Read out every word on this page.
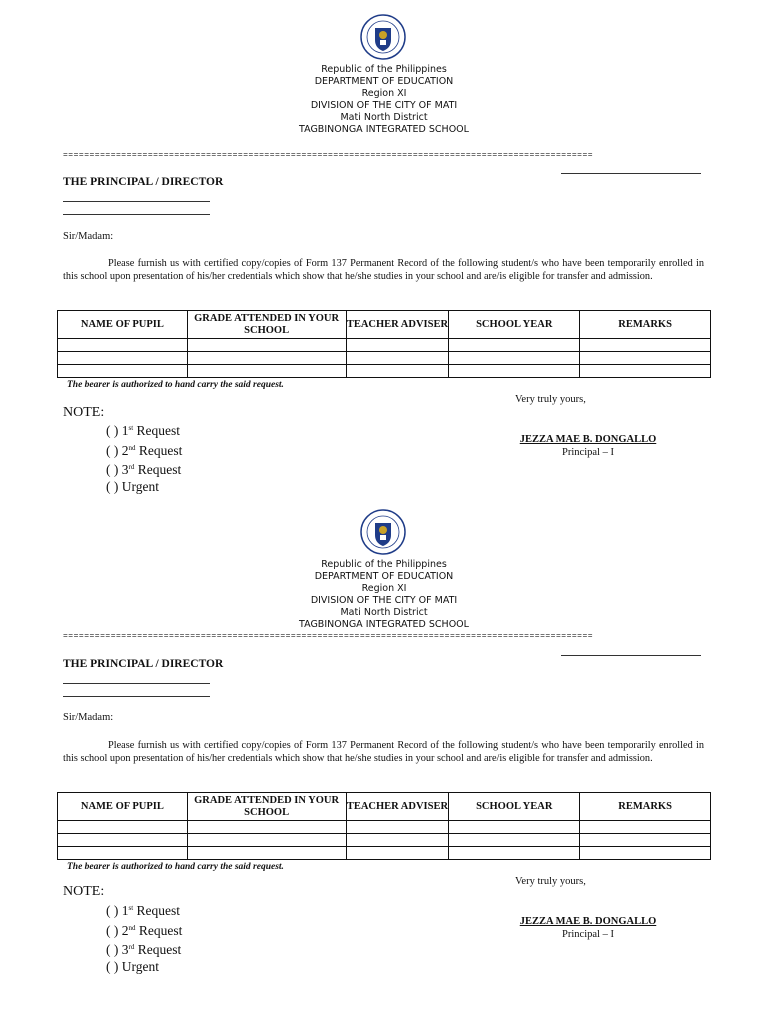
Republic of the Philippines
DEPARTMENT OF EDUCATION
Region XI
DIVISION OF THE CITY OF MATI
Mati North District
TAGBINONGA INTEGRATED SCHOOL
====================================================================================================
THE PRINCIPAL / DIRECTOR
Sir/Madam:
Please furnish us with certified copy/copies of Form 137 Permanent Record of the following student/s who have been temporarily enrolled in this school upon presentation of his/her credentials which show that he/she studies in your school and are/is eligible for transfer and admission.
NAME OF PUPIL	GRADE ATTENDED IN YOUR SCHOOL	TEACHER ADVISER	SCHOOL YEAR	REMARKS

The bearer is authorized to hand carry the said request.
Very truly yours,
NOTE:
( ) 1st Request
( ) 2nd Request
( ) 3rd Request
( ) Urgent
JEZZA MAE B. DONGALLO
Principal – I
Republic of the Philippines
DEPARTMENT OF EDUCATION
Region XI
DIVISION OF THE CITY OF MATI
Mati North District
TAGBINONGA INTEGRATED SCHOOL
====================================================================================================
THE PRINCIPAL / DIRECTOR
Sir/Madam:
Please furnish us with certified copy/copies of Form 137 Permanent Record of the following student/s who have been temporarily enrolled in this school upon presentation of his/her credentials which show that he/she studies in your school and are/is eligible for transfer and admission.
NAME OF PUPIL	GRADE ATTENDED IN YOUR SCHOOL	TEACHER ADVISER	SCHOOL YEAR	REMARKS

The bearer is authorized to hand carry the said request.
Very truly yours,
NOTE:
( ) 1st Request
( ) 2nd Request
( ) 3rd Request
( ) Urgent
JEZZA MAE B. DONGALLO
Principal – I
